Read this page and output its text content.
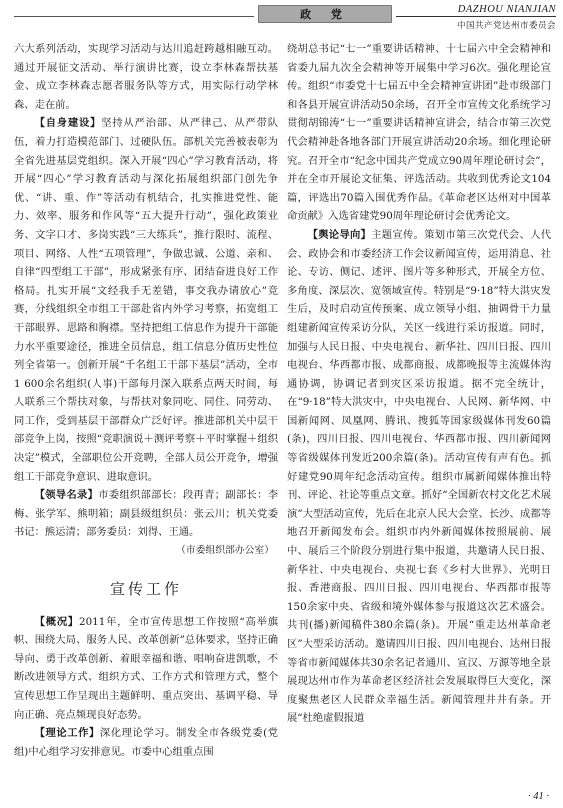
政 党	DAZHOU NIANJIAN
中国共产党达州市委员会

六大系列活动，实现学习活动与达川追赶跨越相融互动。通过开展征文活动、举行演讲比赛，设立李林森帮扶基金、成立李林森志愿者服务队等方式，用实际行动学林森、走在前。

【自身建设】坚持从严治部、从严律己、从严带队伍，着力打造模范部门、过硬队伍。部机关完善被表彰为全省先进基层党组织。深入开展“四心”学习教育活动，将开展“四心”学习教育活动与深化拓展组织部门创先争优、“讲、重、作”等活动有机结合，扎实推进党性、能力、效率、服务和作风等“五大提升行动”，强化政策业务、文字口才、多岗实践“三大练兵”，推行限时、流程、项目、网络、人性“五项管理”，争做忠诚、公道、亲和、自律“四型组工干部”，形成紧张有序、团结奋进良好工作格局。扎实开展“文经我手无差错，事交我办请放心”竞赛，分线组织全市组工干部赴省内外学习考察，拓宽组工干部眼界、思路和胸襟。坚持把组工信息作为提升干部能力水平重要途径，推进全员信息，组工信息分值历史性位列全省第一。创新开展“千名组工干部下基层”活动，全市1 600余名组织(人事)干部每月深入联系点两天时间，每人联系三个帮扶对象，与帮扶对象同吃、同住、同劳动、同工作，受到基层干部群众广泛好评。推进部机关中层干部竞争上岗，按照“竞职演说＋测评考察＋平时掌握＋组织决定”模式，全部职位公开竞聘，全部人员公开竞争，增强组工干部竞争意识、进取意识。

【领导名录】市委组织部部长：段再青；副部长：李梅、张学军、熊明箱；副县级组织员：张云川；机关党委书记：熊运清；部务委员：刘得、王通。

（市委组织部办公室）

宣传工作

【概况】2011年，全市宣传思想工作按照“高举旗帜、围绕大局、服务人民、改革创新”总体要求，坚持正确导向、勇于改革创新、着眼幸福和谐、唱响奋进凯歌，不断改进领导方式、组织方式、工作方式和管理方式，整个宣传思想工作呈现出主题鲜明、重点突出、基调平稳、导向正确、亮点频现良好态势。

【理论工作】深化理论学习。制发全市各级党委(党组)中心组学习安排意见。市委中心组重点围

绕胡总书记“七一”重要讲话精神、十七届六中全会精神和省委九届九次全会精神等开展集中学习6次。强化理论宣传。组织“市委党十七届五中全会精神宣讲团”赴市级部门和各县开展宣讲活动50余场，召开全市宣传文化系统学习贯彻胡锦涛“七一”重要讲话精神宣讲会，结合市第三次党代会精神赴各地各部门开展宣讲活动20余场。细化理论研究。召开全市“纪念中国共产党成立90周年理论研讨会”，并在全市开展论文征集、评选活动。共收到优秀论文104篇，评选出70篇入围优秀作品。《革命老区达州对中国革命贡献》入选省建党90周年理论研讨会优秀论文。

【舆论导向】主题宣传。策划市第三次党代会、人代会、政协会和市委经济工作会议新闻宣传，运用消息、社论、专访、侧记、述评、图片等多种形式，开展全方位、多角度、深层次、宽领域宣传。特别是“9·18”特大洪灾发生后，及时启动宣传预案、成立领导小组、抽调骨干力量组建新闻宣传采访分队，关区一线进行采访报道。同时，加强与人民日报、中央电视台、新华社、四川日报、四川电视台、华西都市报、成都商报、成都晚报等主流媒体沟通协调，协调记者到灾区采访报道。据不完全统计，在“9·18”特大洪灾中，中央电视台、人民网、新华网、中国新闻网、凤凰网、腾讯、搜狐等国家级媒体刊发60篇(条)，四川日报、四川电视台、华西都市报、四川新闻网等省级媒体刊发近200余篇(条)。活动宣传有声有色。抓好建党90周年纪念活动宣传。组织市属新闻媒体推出特刊、评论、社论等重点文章。抓好“全国新农村文化艺术展演”大型活动宣传，先后在北京人民大会堂、长沙、成都等地召开新闻发布会。组织市内外新闻媒体按照展前、展中、展后三个阶段分别进行集中报道，共邀请人民日报、新华社、中央电视台、央视七套《乡村大世界》、光明日报、香港商报、四川日报、四川电视台、华西都市报等150余家中央、省级和境外媒体参与报道这次艺术盛会。共刊(播)新闻稿件380余篇(条)。开展“重走达州革命老区”大型采访活动。邀请四川日报、四川电视台、达州日报等省市新闻媒体共30余名记者通川、宣汉、万源等地全景展现达州市作为革命老区经济社会发展取得巨大变化，深度聚焦老区人民群众幸福生活。新闻管理井井有条。开展“杜绝虚假报道

· 41 ·
